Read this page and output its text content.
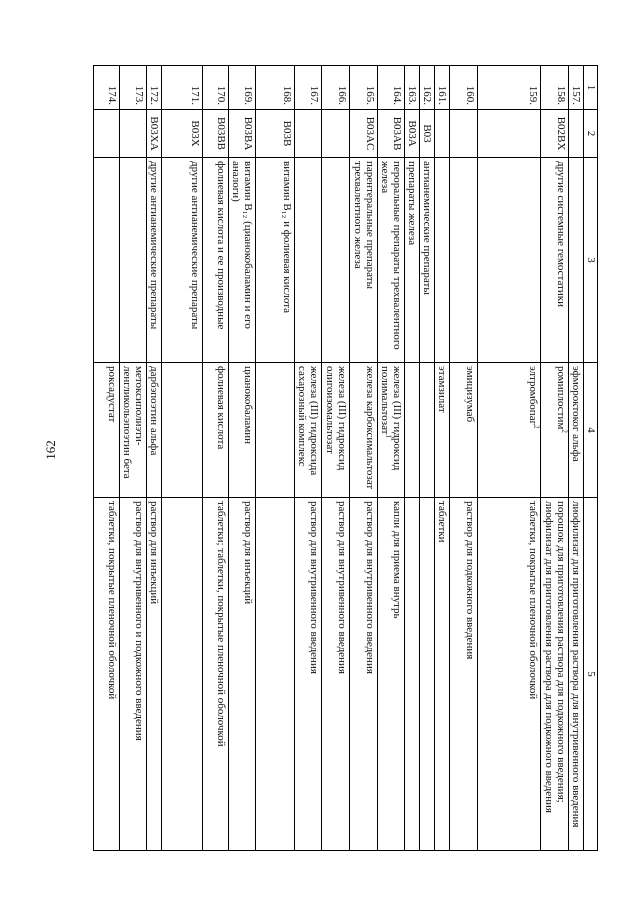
162
1	2	3	4	5
157.			эфмороктоког альфа	лиофилизат для приготовления раствора для внутривенного введения
158.	B02BX	другие системные гемостатики	ромиплостим$^2$	порошок для приготовления раствора для подкожного введения; лиофилизат для приготовления раствора для подкожного введения
159.			элтромбопаг$^2$	таблетки, покрытые пленочной оболочкой
160.			эмицизумаб	раствор для подкожного введения
161.			этамзилат	таблетки
162.	B03	антианемические препараты		
163.	B03A	препараты железа		
164.	B03AB	пероральные препараты трехвалентного железа	железа (III) гидроксид полимальтозат$^1$	капли для приема внутрь
165.	B03AC	парентеральные препараты трехвалентного железа	железа карбоксимальтозат	раствор для внутривенного введения
166.			железа (III) гидроксид олигоизомальтозат	раствор для внутривенного введения
167.			железа (III) гидроксида сахарозный комплекс	раствор для внутривенного введения
168.	B03B	витамин B₁₂ и фолиевая кислота		
169.	B03BA	витамин B₁₂ (цианокобаламин и его аналоги)	цианокобаламин	раствор для инъекций
170.	B03BB	фолиевая кислота и ее производные	фолиевая кислота	таблетки; таблетки, покрытые пленочной оболочкой
171.	B03X	другие антианемические препараты		
172.	B03XA	другие антианемические препараты	дарбэпоэтин альфа	раствор для инъекций
173.			метоксиполиэти-ленгликольэпоэтин бета	раствор для внутривенного и подкожного введения
174.			роксадустат	таблетки, покрытые пленочной оболочкой
